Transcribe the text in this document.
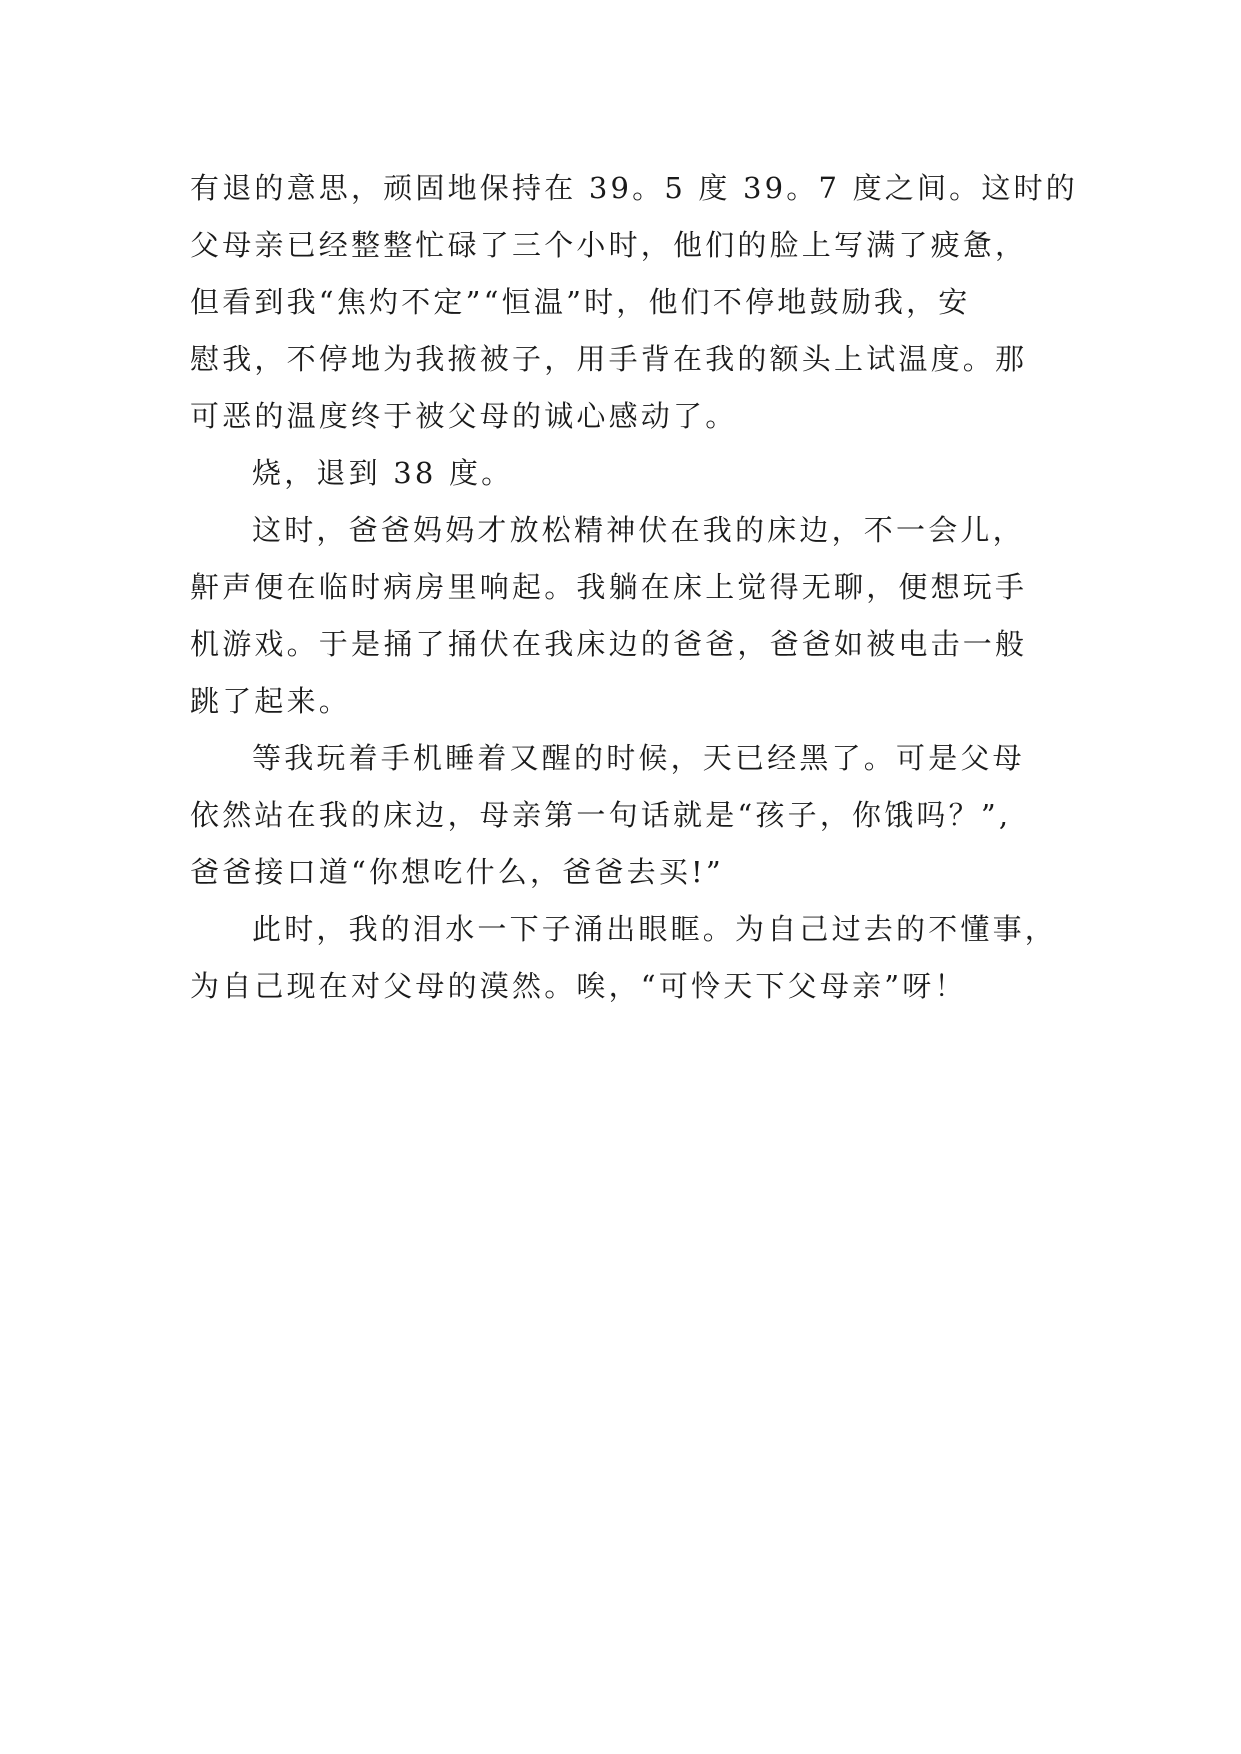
有退的意思，顽固地保持在 39。5 度 39。7 度之间。这时的
父母亲已经整整忙碌了三个小时，他们的脸上写满了疲惫，
但看到我“焦灼不定”“恒温”时，他们不停地鼓励我，安
慰我，不停地为我掖被子，用手背在我的额头上试温度。那
可恶的温度终于被父母的诚心感动了。
烧，退到 38 度。
这时，爸爸妈妈才放松精神伏在我的床边，不一会儿，
鼾声便在临时病房里响起。我躺在床上觉得无聊，便想玩手
机游戏。于是捅了捅伏在我床边的爸爸，爸爸如被电击一般
跳了起来。
等我玩着手机睡着又醒的时候，天已经黑了。可是父母
依然站在我的床边，母亲第一句话就是“孩子，你饿吗？”,
爸爸接口道“你想吃什么，爸爸去买!”
此时，我的泪水一下子涌出眼眶。为自己过去的不懂事，
为自己现在对父母的漠然。唉，“可怜天下父母亲”呀！
